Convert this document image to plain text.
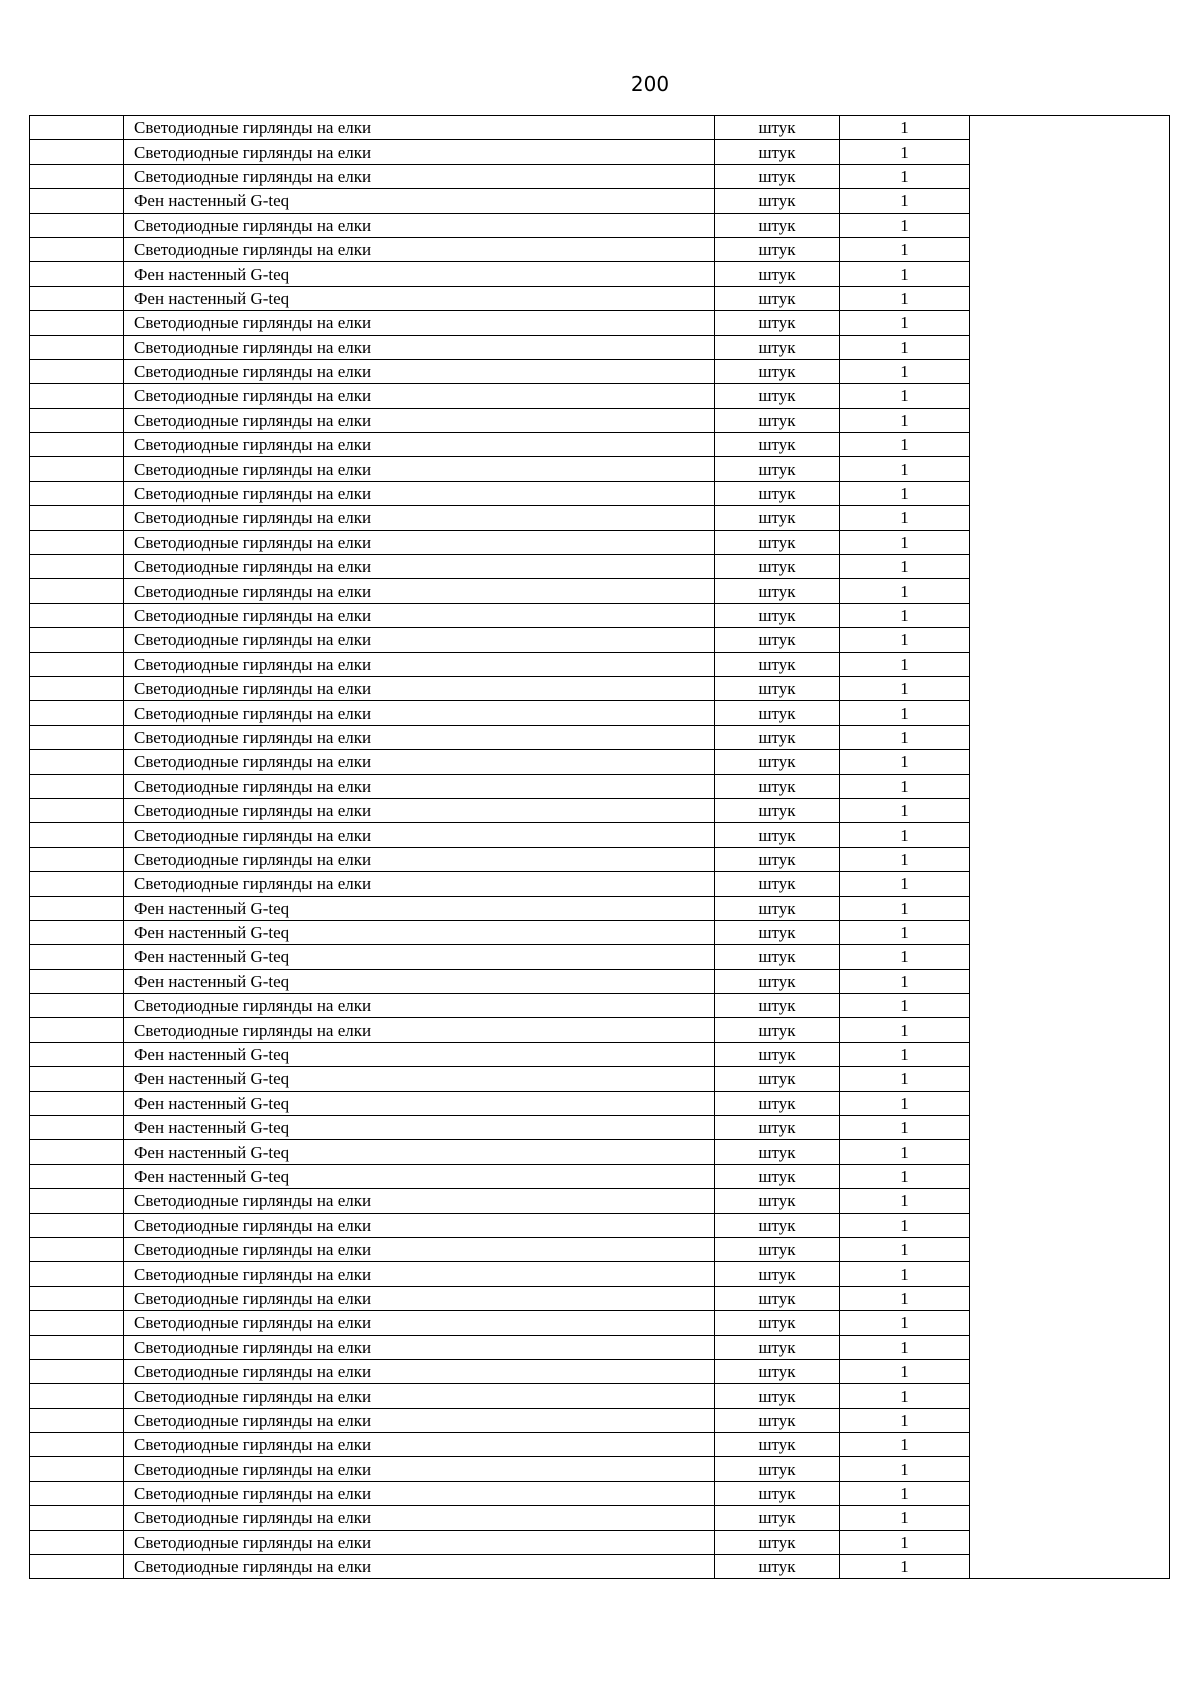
200
	Светодиодные гирлянды на елки	штук	1	
	Светодиодные гирлянды на елки	штук	1	
	Светодиодные гирлянды на елки	штук	1	
	Фен настенный G-teq	штук	1	
	Светодиодные гирлянды на елки	штук	1	
	Светодиодные гирлянды на елки	штук	1	
	Фен настенный G-teq	штук	1	
	Фен настенный G-teq	штук	1	
	Светодиодные гирлянды на елки	штук	1	
	Светодиодные гирлянды на елки	штук	1	
	Светодиодные гирлянды на елки	штук	1	
	Светодиодные гирлянды на елки	штук	1	
	Светодиодные гирлянды на елки	штук	1	
	Светодиодные гирлянды на елки	штук	1	
	Светодиодные гирлянды на елки	штук	1	
	Светодиодные гирлянды на елки	штук	1	
	Светодиодные гирлянды на елки	штук	1	
	Светодиодные гирлянды на елки	штук	1	
	Светодиодные гирлянды на елки	штук	1	
	Светодиодные гирлянды на елки	штук	1	
	Светодиодные гирлянды на елки	штук	1	
	Светодиодные гирлянды на елки	штук	1	
	Светодиодные гирлянды на елки	штук	1	
	Светодиодные гирлянды на елки	штук	1	
	Светодиодные гирлянды на елки	штук	1	
	Светодиодные гирлянды на елки	штук	1	
	Светодиодные гирлянды на елки	штук	1	
	Светодиодные гирлянды на елки	штук	1	
	Светодиодные гирлянды на елки	штук	1	
	Светодиодные гирлянды на елки	штук	1	
	Светодиодные гирлянды на елки	штук	1	
	Светодиодные гирлянды на елки	штук	1	
	Фен настенный G-teq	штук	1	
	Фен настенный G-teq	штук	1	
	Фен настенный G-teq	штук	1	
	Фен настенный G-teq	штук	1	
	Светодиодные гирлянды на елки	штук	1	
	Светодиодные гирлянды на елки	штук	1	
	Фен настенный G-teq	штук	1	
	Фен настенный G-teq	штук	1	
	Фен настенный G-teq	штук	1	
	Фен настенный G-teq	штук	1	
	Фен настенный G-teq	штук	1	
	Фен настенный G-teq	штук	1	
	Светодиодные гирлянды на елки	штук	1	
	Светодиодные гирлянды на елки	штук	1	
	Светодиодные гирлянды на елки	штук	1	
	Светодиодные гирлянды на елки	штук	1	
	Светодиодные гирлянды на елки	штук	1	
	Светодиодные гирлянды на елки	штук	1	
	Светодиодные гирлянды на елки	штук	1	
	Светодиодные гирлянды на елки	штук	1	
	Светодиодные гирлянды на елки	штук	1	
	Светодиодные гирлянды на елки	штук	1	
	Светодиодные гирлянды на елки	штук	1	
	Светодиодные гирлянды на елки	штук	1	
	Светодиодные гирлянды на елки	штук	1	
	Светодиодные гирлянды на елки	штук	1	
	Светодиодные гирлянды на елки	штук	1	
	Светодиодные гирлянды на елки	штук	1	
